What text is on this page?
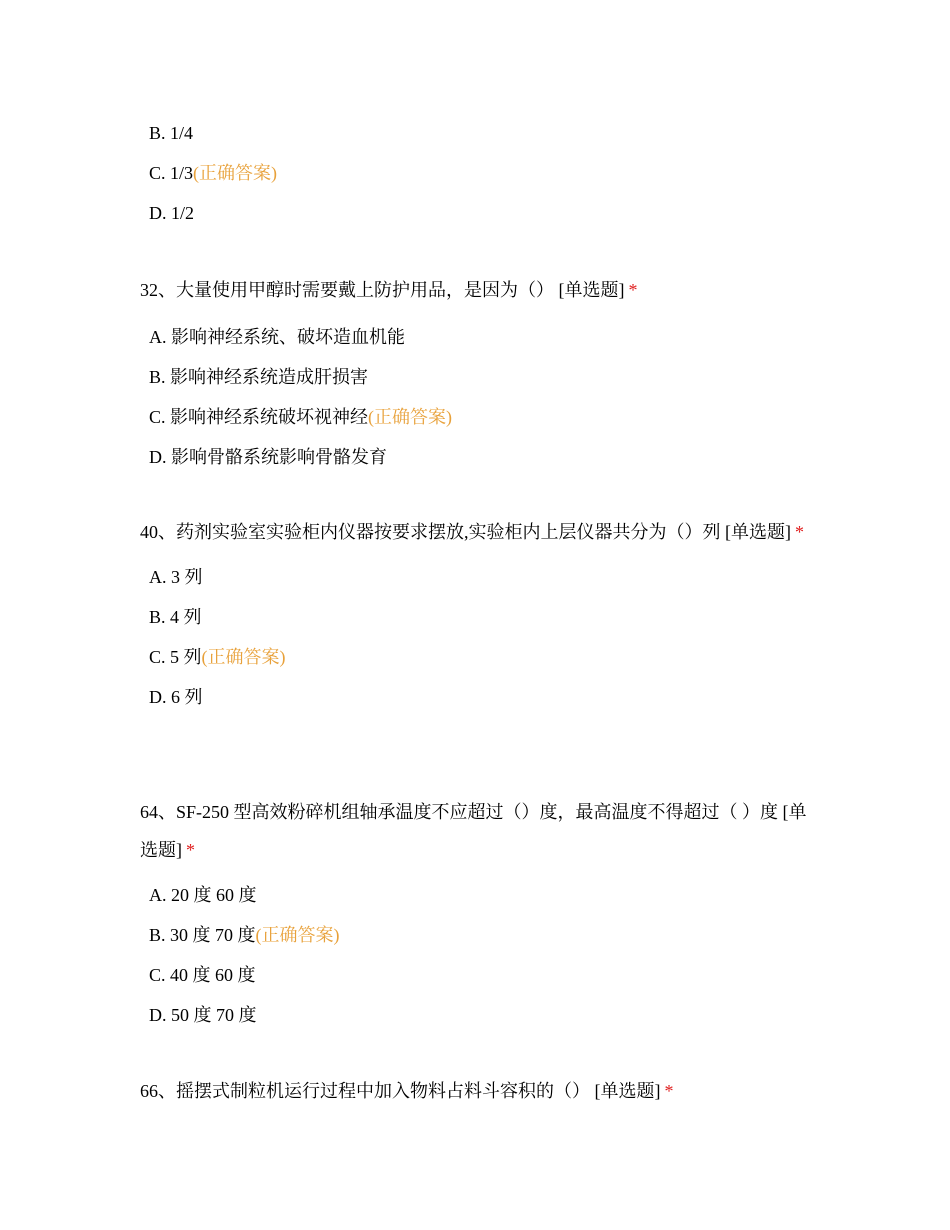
B. 1/4
C. 1/3(正确答案)
D. 1/2
32、大量使用甲醇时需要戴上防护用品，是因为（） [单选题] *
A. 影响神经系统、破坏造血机能
B. 影响神经系统造成肝损害
C. 影响神经系统破坏视神经(正确答案)
D. 影响骨骼系统影响骨骼发育
40、药剂实验室实验柜内仪器按要求摆放,实验柜内上层仪器共分为（）列 [单选题] *
A. 3 列
B. 4 列
C. 5 列(正确答案)
D. 6 列
64、SF-250 型高效粉碎机组轴承温度不应超过（）度，最高温度不得超过（ ）度 [单选题] *
A. 20 度 60 度
B. 30 度 70 度(正确答案)
C. 40 度 60 度
D. 50 度 70 度
66、摇摆式制粒机运行过程中加入物料占料斗容积的（） [单选题] *
